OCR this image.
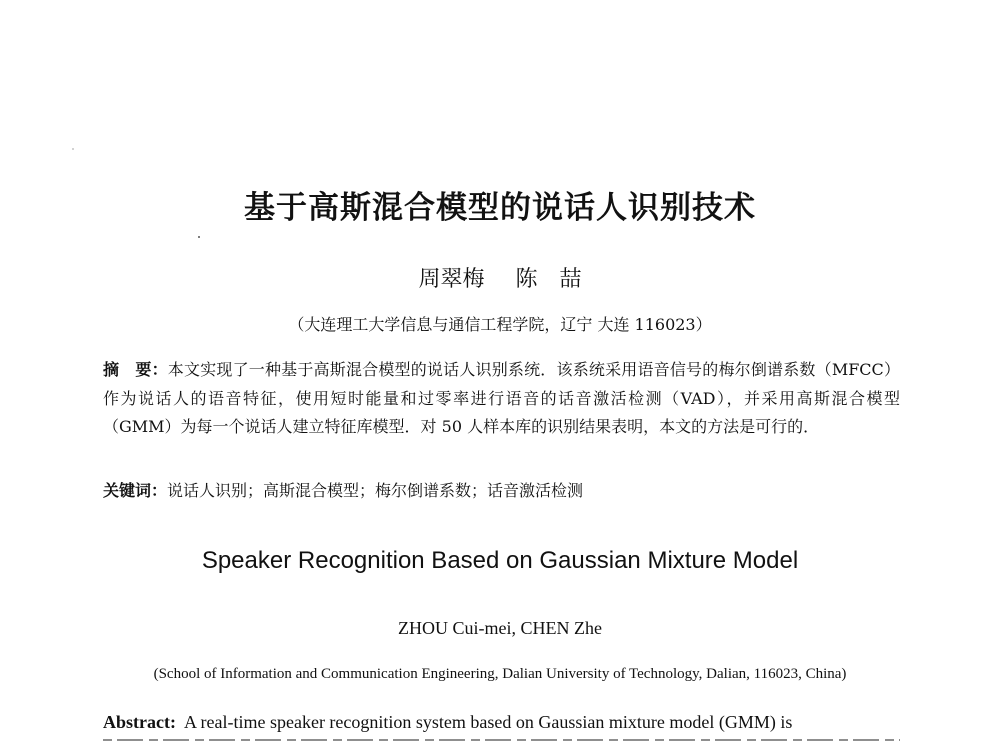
基于高斯混合模型的说话人识别技术
周翠梅 陈　喆
（大连理工大学信息与通信工程学院，辽宁 大连 116023）
摘　要：本文实现了一种基于高斯混合模型的说话人识别系统．该系统采用语音信号的梅尔倒谱系数（MFCC）作为说话人的语音特征，使用短时能量和过零率进行语音的话音激活检测（VAD），并采用高斯混合模型（GMM）为每一个说话人建立特征库模型．对 50 人样本库的识别结果表明，本文的方法是可行的．
关键词：说话人识别；高斯混合模型；梅尔倒谱系数；话音激活检测
Speaker Recognition Based on Gaussian Mixture Model
ZHOU Cui-mei, CHEN Zhe
(School of Information and Communication Engineering, Dalian University of Technology, Dalian, 116023, China)
Abstract: A real-time speaker recognition system based on Gaussian mixture model (GMM) is
